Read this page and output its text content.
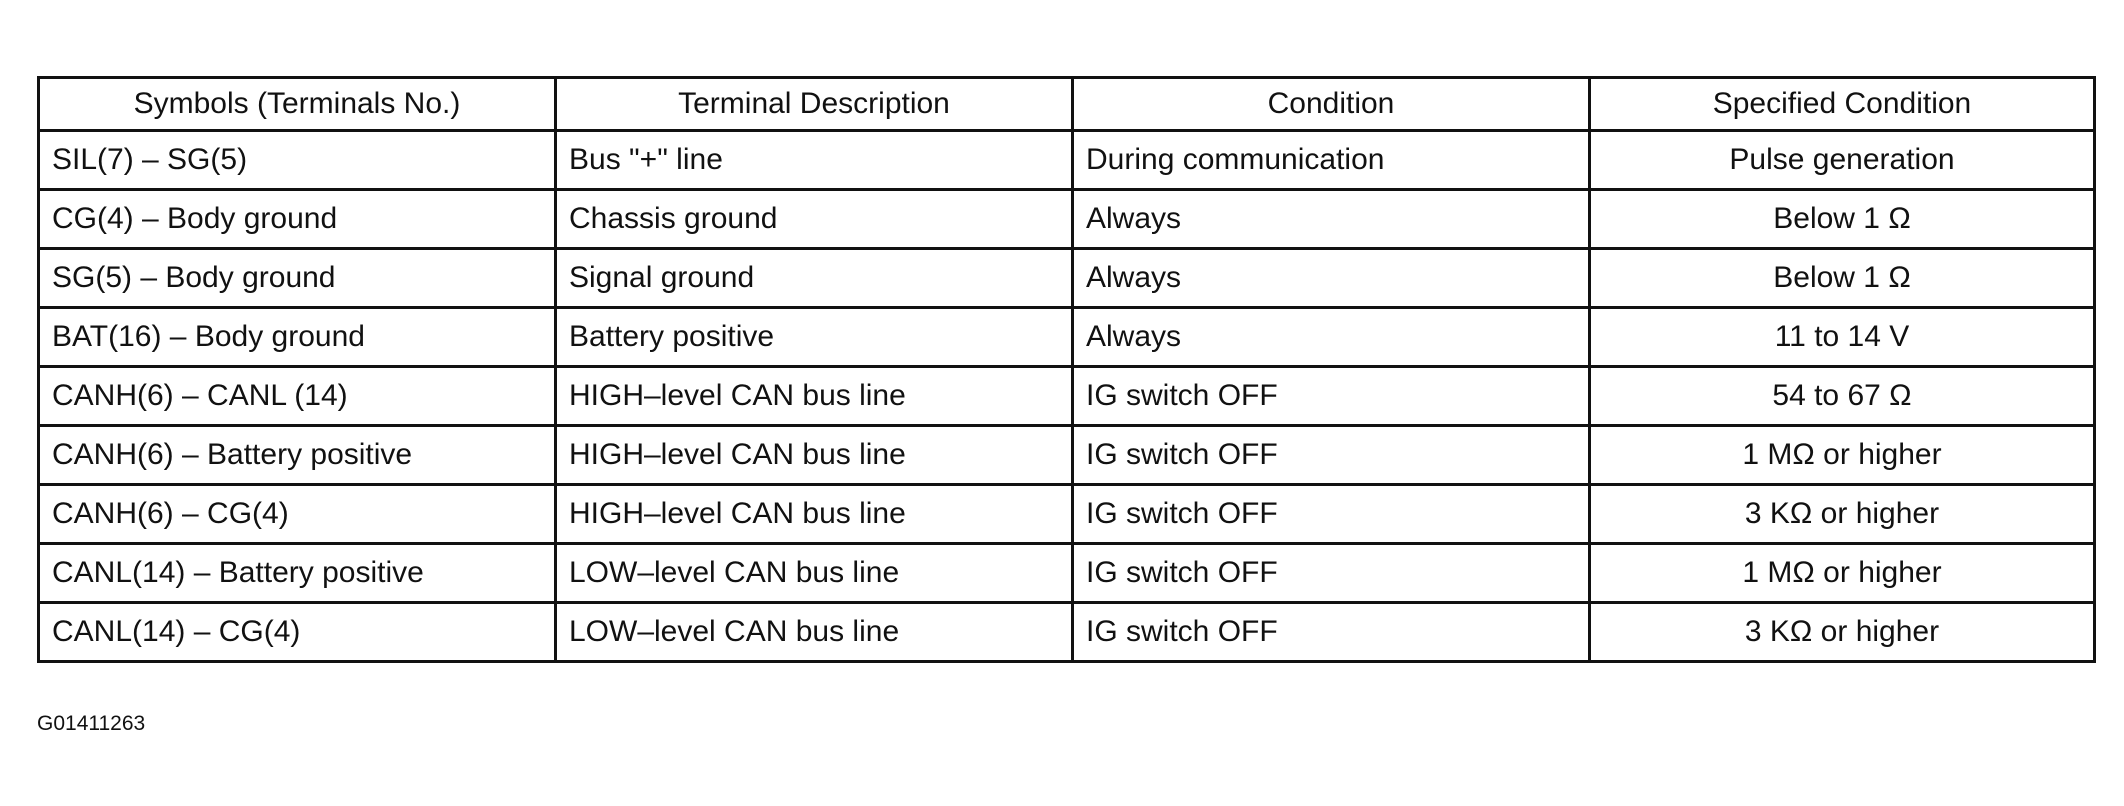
Symbols (Terminals No.)	Terminal Description	Condition	Specified Condition
SIL(7) – SG(5)	Bus "+" line	During communication	Pulse generation
CG(4) – Body ground	Chassis ground	Always	Below 1 Ω
SG(5) – Body ground	Signal ground	Always	Below 1 Ω
BAT(16) – Body ground	Battery positive	Always	11 to 14 V
CANH(6) – CANL (14)	HIGH–level CAN bus line	IG switch OFF	54 to 67 Ω
CANH(6) – Battery positive	HIGH–level CAN bus line	IG switch OFF	1 MΩ or higher
CANH(6) – CG(4)	HIGH–level CAN bus line	IG switch OFF	3 KΩ or higher
CANL(14) – Battery positive	LOW–level CAN bus line	IG switch OFF	1 MΩ or higher
CANL(14) – CG(4)	LOW–level CAN bus line	IG switch OFF	3 KΩ or higher
G01411263
